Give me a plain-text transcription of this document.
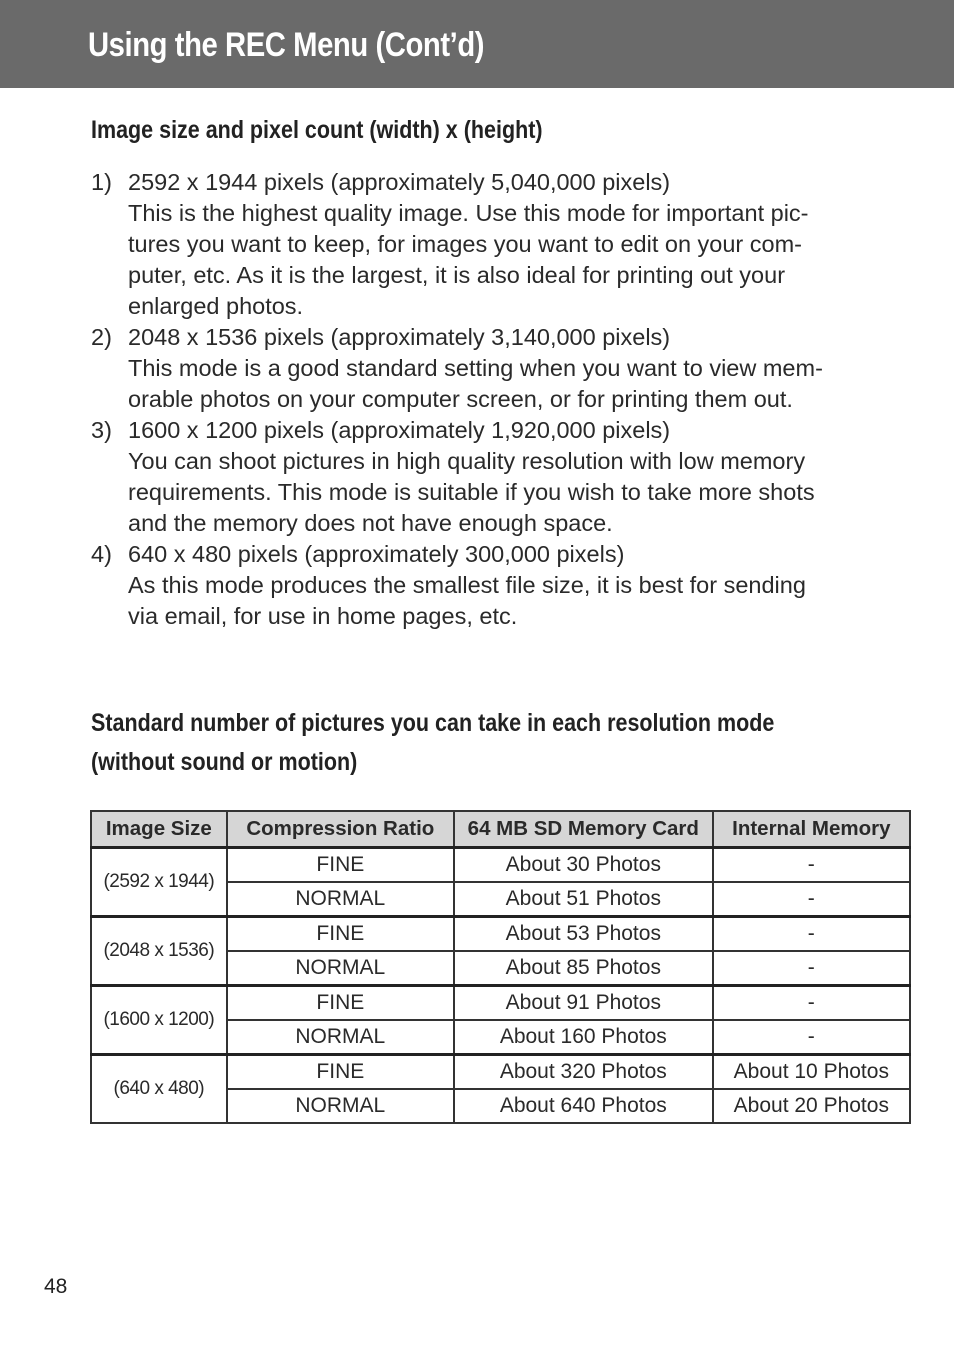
Using the REC Menu (Cont’d)
Image size and pixel count (width) x (height)
1) 2592 x 1944 pixels (approximately 5,040,000 pixels)
This is the highest quality image. Use this mode for important pic-
tures you want to keep, for images you want to edit on your com-
puter, etc. As it is the largest, it is also ideal for printing out your
enlarged photos.
2) 2048 x 1536 pixels (approximately 3,140,000 pixels)
This mode is a good standard setting when you want to view mem-
orable photos on your computer screen, or for printing them out.
3) 1600 x 1200 pixels (approximately 1,920,000 pixels)
You can shoot pictures in high quality resolution with low memory
requirements. This mode is suitable if you wish to take more shots
and the memory does not have enough space.
4) 640 x 480 pixels (approximately 300,000 pixels)
As this mode produces the smallest file size, it is best for sending
via email, for use in home pages, etc.
Standard number of pictures you can take in each resolution mode
(without sound or motion)
Image Size	Compression Ratio	64 MB SD Memory Card	Internal Memory
(2592 x 1944)	FINE	About 30 Photos	-
	NORMAL	About 51 Photos	-
(2048 x 1536)	FINE	About 53 Photos	-
	NORMAL	About 85 Photos	-
(1600 x 1200)	FINE	About 91 Photos	-
	NORMAL	About 160 Photos	-
(640 x 480)	FINE	About 320 Photos	About 10 Photos
	NORMAL	About 640 Photos	About 20 Photos
48
